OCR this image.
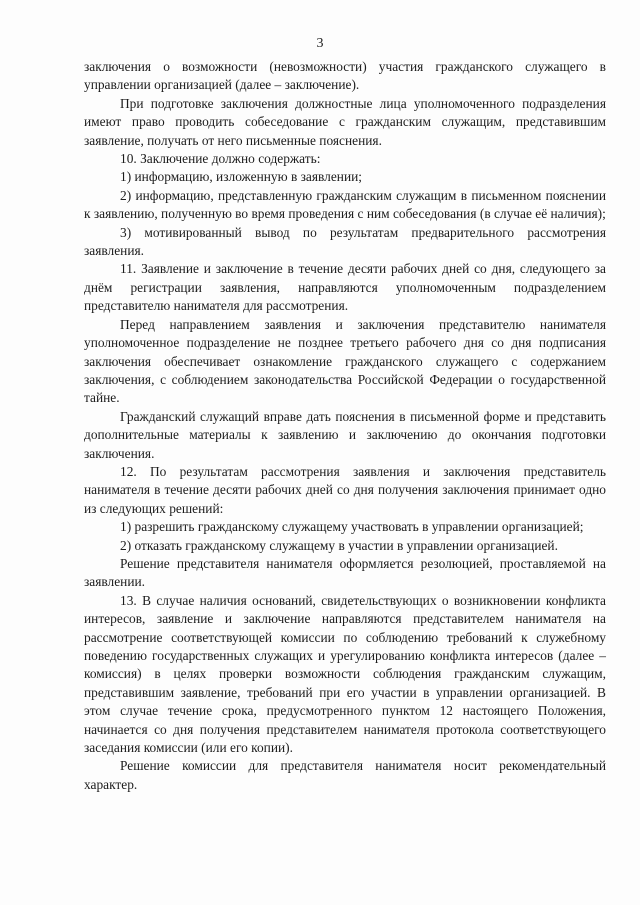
3

заключения о возможности (невозможности) участия гражданского служащего в управлении организацией (далее – заключение).

При подготовке заключения должностные лица уполномоченного подразделения имеют право проводить собеседование с гражданским служащим, представившим заявление, получать от него письменные пояснения.

10. Заключение должно содержать:

1) информацию, изложенную в заявлении;

2) информацию, представленную гражданским служащим в письменном пояснении к заявлению, полученную во время проведения с ним собеседования (в случае её наличия);

3) мотивированный вывод по результатам предварительного рассмотрения заявления.

11. Заявление и заключение в течение десяти рабочих дней со дня, следующего за днём регистрации заявления, направляются уполномоченным подразделением представителю нанимателя для рассмотрения.

Перед направлением заявления и заключения представителю нанимателя уполномоченное подразделение не позднее третьего рабочего дня со дня подписания заключения обеспечивает ознакомление гражданского служащего с содержанием заключения, с соблюдением законодательства Российской Федерации о государственной тайне.

Гражданский служащий вправе дать пояснения в письменной форме и представить дополнительные материалы к заявлению и заключению до окончания подготовки заключения.

12. По результатам рассмотрения заявления и заключения представитель нанимателя в течение десяти рабочих дней со дня получения заключения принимает одно из следующих решений:

1) разрешить гражданскому служащему участвовать в управлении организацией;

2) отказать гражданскому служащему в участии в управлении организацией.

Решение представителя нанимателя оформляется резолюцией, проставляемой на заявлении.

13. В случае наличия оснований, свидетельствующих о возникновении конфликта интересов, заявление и заключение направляются представителем нанимателя на рассмотрение соответствующей комиссии по соблюдению требований к служебному поведению государственных служащих и урегулированию конфликта интересов (далее – комиссия) в целях проверки возможности соблюдения гражданским служащим, представившим заявление, требований при его участии в управлении организацией. В этом случае течение срока, предусмотренного пунктом 12 настоящего Положения, начинается со дня получения представителем нанимателя протокола соответствующего заседания комиссии (или его копии).

Решение комиссии для представителя нанимателя носит рекомендательный характер.
